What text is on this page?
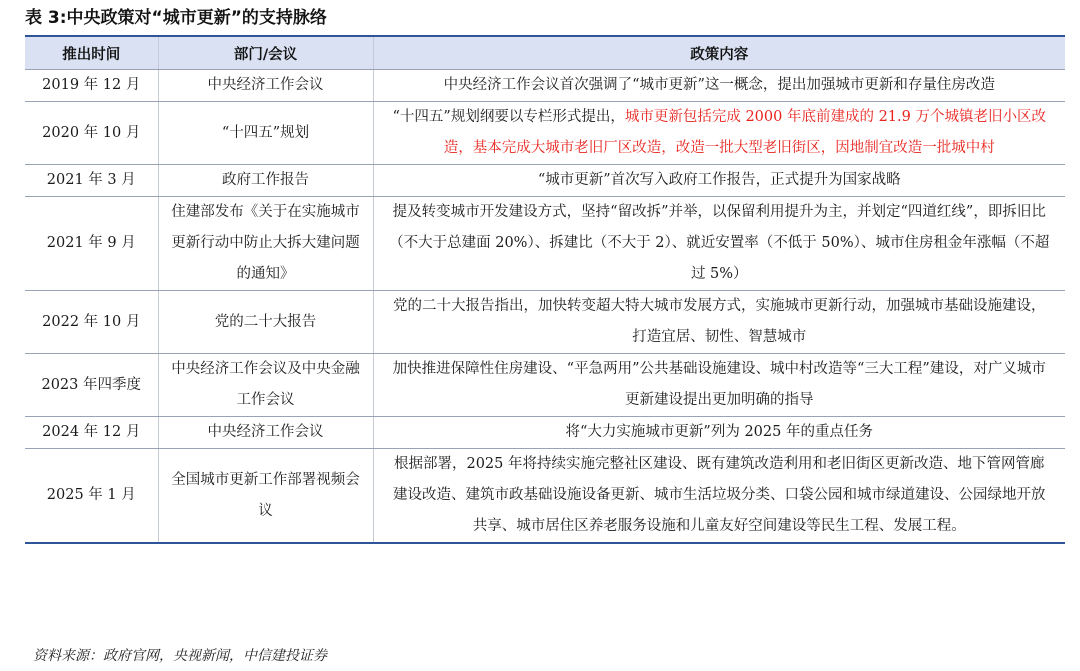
表 3:中央政策对“城市更新”的支持脉络
推出时间	部门/会议	政策内容
2019 年 12 月	中央经济工作会议	中央经济工作会议首次强调了“城市更新”这一概念，提出加强城市更新和存量住房改造
2020 年 10 月	“十四五”规划	“十四五”规划纲要以专栏形式提出，城市更新包括完成 2000 年底前建成的 21.9 万个城镇老旧小区改造，基本完成大城市老旧厂区改造，改造一批大型老旧街区，因地制宜改造一批城中村
2021 年 3 月	政府工作报告	“城市更新”首次写入政府工作报告，正式提升为国家战略
2021 年 9 月	住建部发布《关于在实施城市更新行动中防止大拆大建问题的通知》	提及转变城市开发建设方式，坚持“留改拆”并举，以保留利用提升为主，并划定“四道红线”，即拆旧比（不大于总建面 20%）、拆建比（不大于 2）、就近安置率（不低于 50%）、城市住房租金年涨幅（不超过 5%）
2022 年 10 月	党的二十大报告	党的二十大报告指出，加快转变超大特大城市发展方式，实施城市更新行动，加强城市基础设施建设，打造宜居、韧性、智慧城市
2023 年四季度	中央经济工作会议及中央金融工作会议	加快推进保障性住房建设、“平急两用”公共基础设施建设、城中村改造等“三大工程”建设，对广义城市更新建设提出更加明确的指导
2024 年 12 月	中央经济工作会议	将“大力实施城市更新”列为 2025 年的重点任务
2025 年 1 月	全国城市更新工作部署视频会议	根据部署，2025 年将持续实施完整社区建设、既有建筑改造利用和老旧街区更新改造、地下管网管廊建设改造、建筑市政基础设施设备更新、城市生活垃圾分类、口袋公园和城市绿道建设、公园绿地开放共享、城市居住区养老服务设施和儿童友好空间建设等民生工程、发展工程。
资料来源：政府官网，央视新闻，中信建投证券
